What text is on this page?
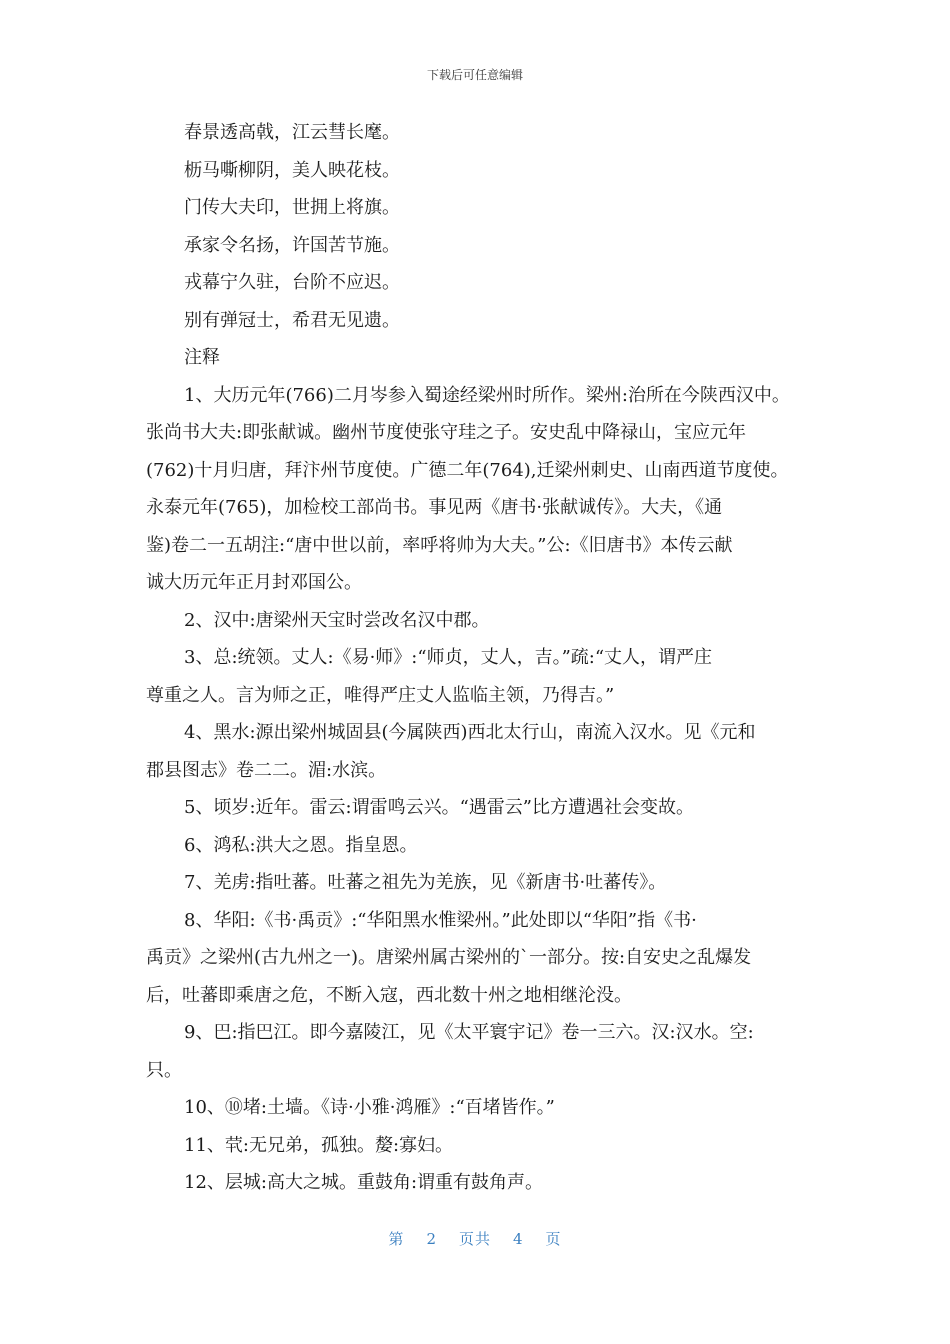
下载后可任意编辑
春景透高戟，江云彗长麾。
枥马嘶柳阴，美人映花枝。
门传大夫印，世拥上将旗。
承家令名扬，许国苦节施。
戎幕宁久驻，台阶不应迟。
别有弹冠士，希君无见遗。
注释
1、大历元年(766)二月岑参入蜀途经梁州时所作。梁州:治所在今陕西汉中。
张尚书大夫:即张献诚。幽州节度使张守珪之子。安史乱中降禄山，宝应元年
(762)十月归唐，拜汴州节度使。广德二年(764),迁梁州刺史、山南西道节度使。
永泰元年(765)，加检校工部尚书。事见两《唐书·张献诚传》。大夫，《通
鉴)卷二一五胡注:“唐中世以前，率呼将帅为大夫。”公:《旧唐书》本传云献
诚大历元年正月封邓国公。
2、汉中:唐梁州天宝时尝改名汉中郡。
3、总:统领。丈人:《易·师》:“师贞，丈人，吉。”疏:“丈人，谓严庄
尊重之人。言为师之正，唯得严庄丈人监临主领，乃得吉。”
4、黑水:源出梁州城固县(今属陕西)西北太行山，南流入汉水。见《元和
郡县图志》卷二二。湄:水滨。
5、顷岁:近年。雷云:谓雷鸣云兴。“遇雷云”比方遭遇社会变故。
6、鸿私:洪大之恩。指皇恩。
7、羌虏:指吐蕃。吐蕃之祖先为羌族，见《新唐书·吐蕃传》。
8、华阳:《书·禹贡》:“华阳黑水惟梁州。”此处即以“华阳”指《书·
禹贡》之梁州(古九州之一)。唐梁州属古梁州的`一部分。按:自安史之乱爆发
后，吐蕃即乘唐之危，不断入寇，西北数十州之地相继沦没。
9、巴:指巴江。即今嘉陵江，见《太平寰宇记》卷一三六。汉:汉水。空:
只。
10、⑩堵:土墙。《诗·小雅·鸿雁》:“百堵皆作。”
11、茕:无兄弟，孤独。嫠:寡妇。
12、层城:高大之城。重鼓角:谓重有鼓角声。
第 2 页共 4 页
